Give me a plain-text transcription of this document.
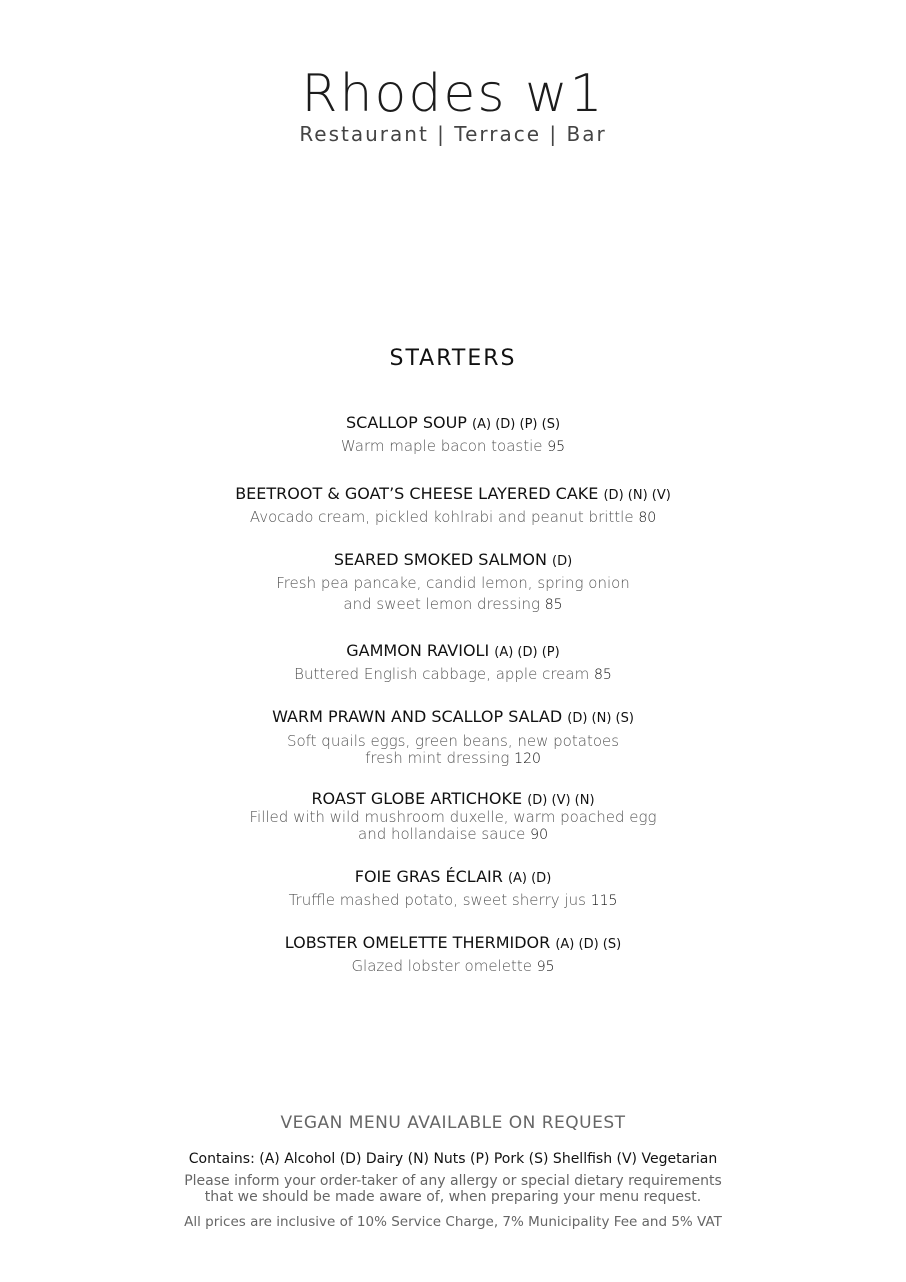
Rhodes w1
Restaurant | Terrace | Bar
STARTERS
SCALLOP SOUP (A) (D) (P) (S)
Warm maple bacon toastie 95
BEETROOT & GOAT’S CHEESE LAYERED CAKE (D) (N) (V)
Avocado cream, pickled kohlrabi and peanut brittle 80
SEARED SMOKED SALMON (D)
Fresh pea pancake, candid lemon, spring onion
and sweet lemon dressing 85
GAMMON RAVIOLI (A) (D) (P)
Buttered English cabbage, apple cream 85
WARM PRAWN AND SCALLOP SALAD (D) (N) (S)
Soft quails eggs, green beans, new potatoes
fresh mint dressing 120
ROAST GLOBE ARTICHOKE (D) (V) (N)
Filled with wild mushroom duxelle, warm poached egg
and hollandaise sauce 90
FOIE GRAS ÉCLAIR (A) (D)
Truffle mashed potato, sweet sherry jus 115
LOBSTER OMELETTE THERMIDOR (A) (D) (S)
Glazed lobster omelette 95
VEGAN MENU AVAILABLE ON REQUEST
Contains: (A) Alcohol (D) Dairy (N) Nuts (P) Pork (S) Shellfish (V) Vegetarian
Please inform your order-taker of any allergy or special dietary requirements
that we should be made aware of, when preparing your menu request.
All prices are inclusive of 10% Service Charge, 7% Municipality Fee and 5% VAT
